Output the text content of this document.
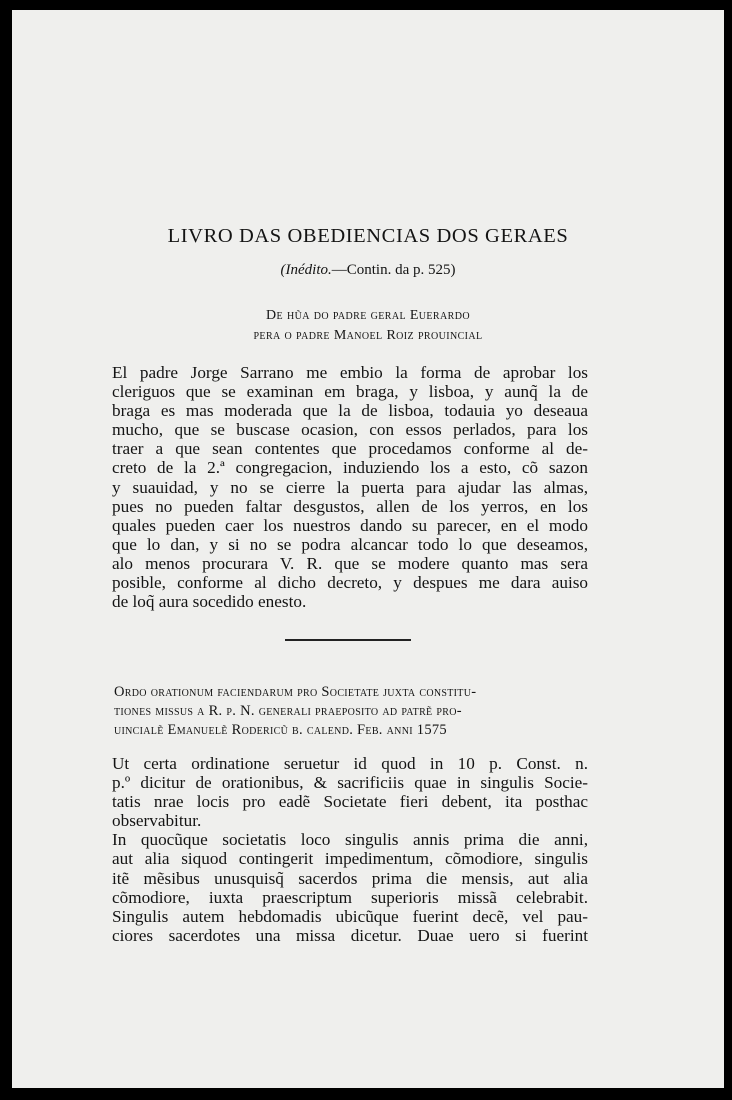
LIVRO DAS OBEDIENCIAS DOS GERAES
(Inédito.—Contin. da p. 525)
De hũa do padre geral Euerardo
pera o padre Manoel Roiz prouincial
El padre Jorge Sarrano me embio la forma de aprobar los
cleriguos que se examinan em braga, y lisboa, y aunq̃ la de
braga es mas moderada que la de lisboa, todauia yo deseaua
mucho, que se buscase ocasion, con essos perlados, para los
traer a que sean contentes que procedamos conforme al de-
creto de la 2.ª congregacion, induziendo los a esto, cõ sazon
y suauidad, y no se cierre la puerta para ajudar las almas,
pues no pueden faltar desgustos, allen de los yerros, en los
quales pueden caer los nuestros dando su parecer, en el modo
que lo dan, y si no se podra alcancar todo lo que deseamos,
alo menos procurara V. R. que se modere quanto mas sera
posible, conforme al dicho decreto, y despues me dara auiso
de loq̃ aura socedido enesto.
Ordo orationum faciendarum pro Societate juxta constitu-
tiones missus a R. p. N. generali praeposito ad patrẽ pro-
uincialẽ Emanuelẽ Rodericũ b. calend. Feb. anni 1575
Ut certa ordinatione seruetur id quod in 10 p. Const. n.
p.º dicitur de orationibus, & sacrificiis quae in singulis Socie-
tatis nrae locis pro eadẽ Societate fieri debent, ita posthac
observabitur.
In quocũque societatis loco singulis annis prima die anni,
aut alia siquod contingerit impedimentum, cõmodiore, singulis
itẽ mẽsibus unusquisq̃ sacerdos prima die mensis, aut alia
cõmodiore, iuxta praescriptum superioris missã celebrabit.
Singulis autem hebdomadis ubicũque fuerint decẽ, vel pau-
ciores sacerdotes una missa dicetur. Duae uero si fuerint
